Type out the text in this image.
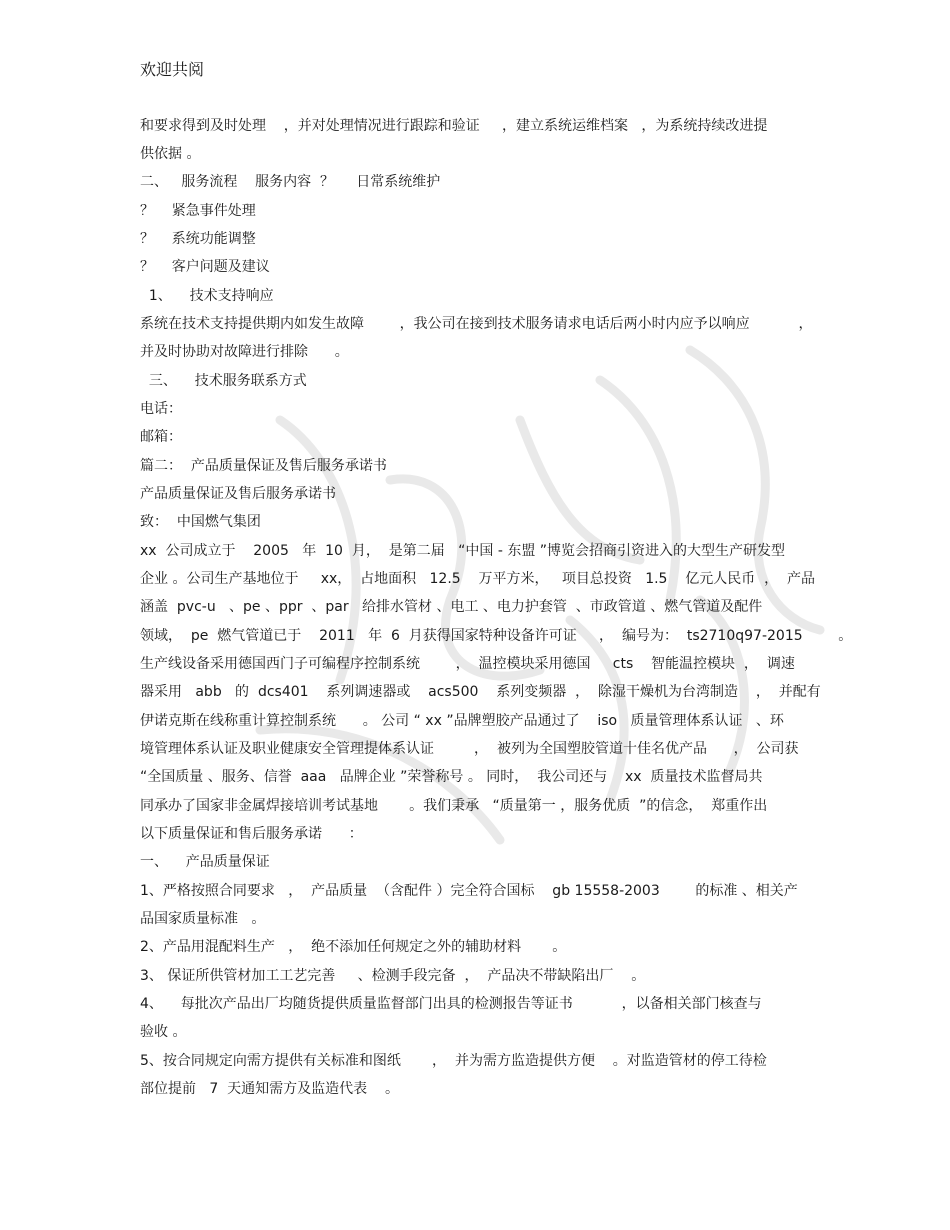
欢迎共阅

和要求得到及时处理    ，并对处理情况进行跟踪和验证     ，建立系统运维档案   ，为系统持续改进提

供依据 。

二、   服务流程    服务内容  ？     日常系统维护

？    紧急事件处理

？    系统功能调整

？    客户问题及建议

1、    技术支持响应

系统在技术支持提供期内如发生故障        ，我公司在接到技术服务请求电话后两小时内应予以响应           ，

并及时协助对故障进行排除      。

三、    技术服务联系方式

电话：

邮箱：

篇二：  产品质量保证及售后服务承诺书

产品质量保证及售后服务承诺书

致：  中国燃气集团

xx  公司成立于    2005   年  10  月，  是第二届   “中国 - 东盟 ”博览会招商引资进入的大型生产研发型

企业 。公司生产基地位于     xx，  占地面积   12.5    万平方米，   项目总投资   1.5    亿元人民币  ，  产品

涵盖  pvc-u   、pe 、ppr  、par   给排水管材 、电工 、电力护套管  、市政管道 、燃气管道及配件

领域，  pe  燃气管道已于    2011   年  6  月获得国家特种设备许可证     ，  编号为：  ts2710q97-2015        。

生产线设备采用德国西门子可编程序控制系统        ，  温控模块采用德国     cts    智能温控模块  ，  调速

器采用   abb   的  dcs401    系列调速器或    acs500    系列变频器  ，  除湿干燥机为台湾制造    ，  并配有

伊诺克斯在线称重计算控制系统      。 公司 “ xx ”品牌塑胶产品通过了    iso   质量管理体系认证   、环

境管理体系认证及职业健康安全管理提体系认证         ，  被列为全国塑胶管道十佳名优产品      ，  公司获

“全国质量 、服务、信誉  aaa   品牌企业 ”荣誉称号 。 同时，  我公司还与    xx  质量技术监督局共

同承办了国家非金属焊接培训考试基地       。我们秉承   “质量第一 ，服务优质  ”的信念，  郑重作出

以下质量保证和售后服务承诺      ：

一、    产品质量保证

1、严格按照合同要求   ，  产品质量  （含配件 ）完全符合国标    gb 15558-2003        的标准 、相关产

品国家质量标准   。

2、产品用混配料生产   ，  绝不添加任何规定之外的辅助材料       。

3、 保证所供管材加工工艺完善     、检测手段完备  ，  产品决不带缺陷出厂    。

4、    每批次产品出厂均随货提供质量监督部门出具的检测报告等证书           ，以备相关部门核查与

验收 。

5、按合同规定向需方提供有关标准和图纸       ，  并为需方监造提供方便    。对监造管材的停工待检

部位提前   7  天通知需方及监造代表    。
